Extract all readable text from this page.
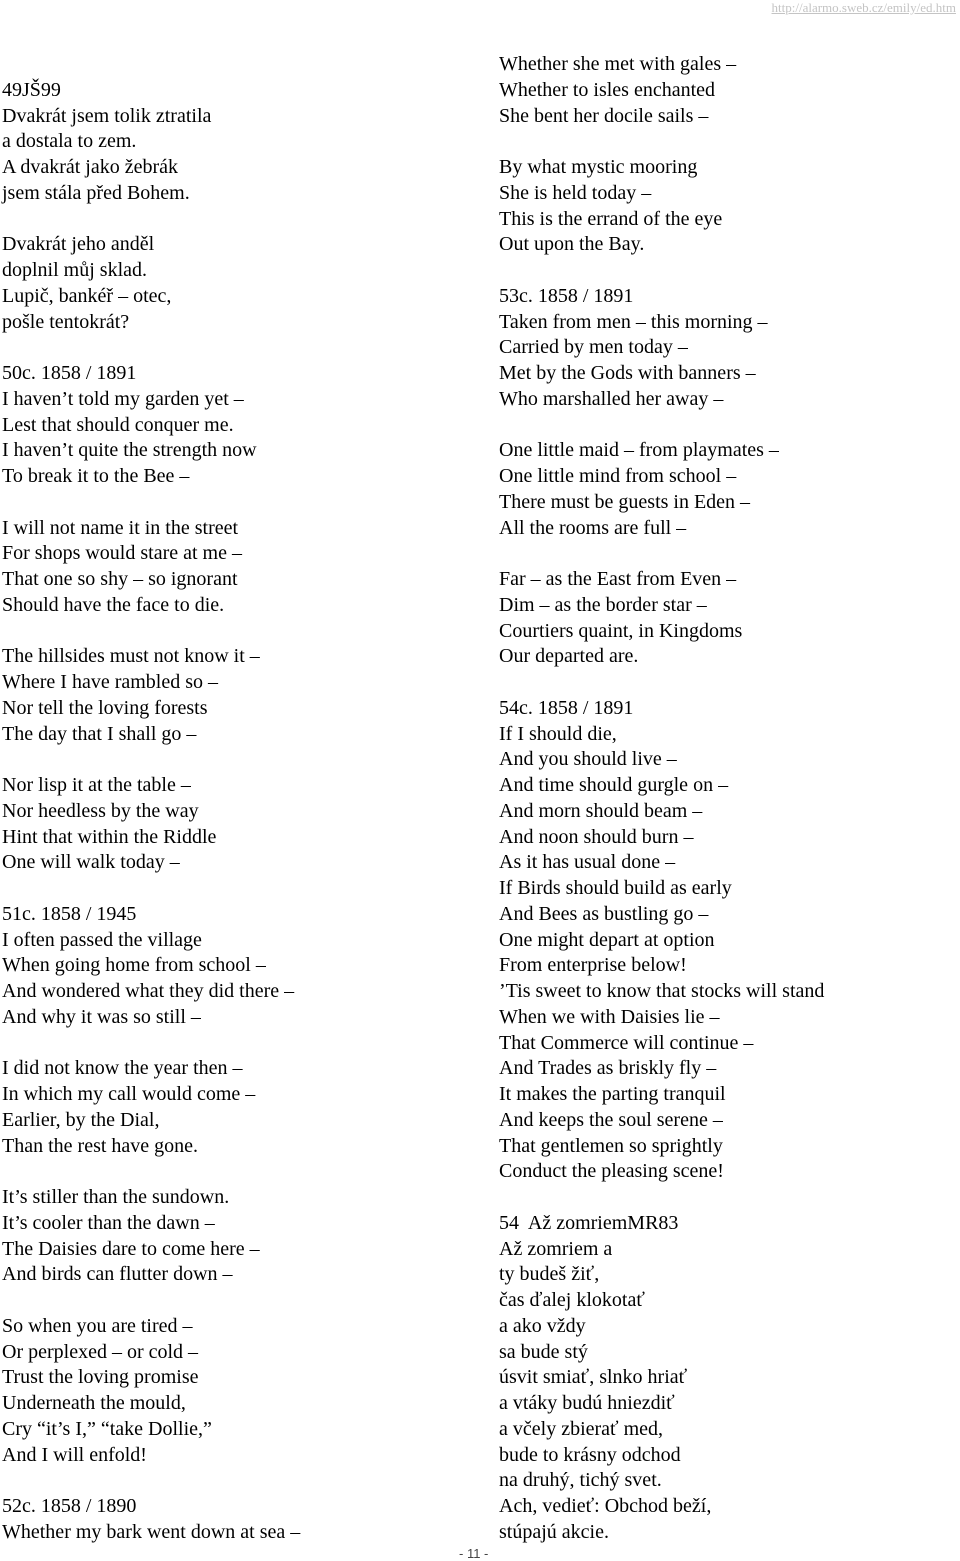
http://alarmo.sweb.cz/emily/ed.htm
49JŠ99
Dvakrát jsem tolik ztratila
a dostala to zem.
A dvakrát jako žebrák
jsem stála před Bohem.
Dvakrát jeho anděl
doplnil můj sklad.
Lupič, bankéř – otec,
pošle tentokrát?
50c. 1858 / 1891
I haven’t told my garden yet –
Lest that should conquer me.
I haven’t quite the strength now
To break it to the Bee –
I will not name it in the street
For shops would stare at me –
That one so shy – so ignorant
Should have the face to die.
The hillsides must not know it –
Where I have rambled so –
Nor tell the loving forests
The day that I shall go –
Nor lisp it at the table –
Nor heedless by the way
Hint that within the Riddle
One will walk today –
51c. 1858 / 1945
I often passed the village
When going home from school –
And wondered what they did there –
And why it was so still –
I did not know the year then –
In which my call would come –
Earlier, by the Dial,
Than the rest have gone.
It’s stiller than the sundown.
It’s cooler than the dawn –
The Daisies dare to come here –
And birds can flutter down –
So when you are tired –
Or perplexed – or cold –
Trust the loving promise
Underneath the mould,
Cry “it’s I,” “take Dollie,”
And I will enfold!
52c. 1858 / 1890
Whether my bark went down at sea –
Whether she met with gales –
Whether to isles enchanted
She bent her docile sails –
By what mystic mooring
She is held today –
This is the errand of the eye
Out upon the Bay.
53c. 1858 / 1891
Taken from men – this morning –
Carried by men today –
Met by the Gods with banners –
Who marshalled her away –
One little maid – from playmates –
One little mind from school –
There must be guests in Eden –
All the rooms are full –
Far – as the East from Even –
Dim – as the border star –
Courtiers quaint, in Kingdoms
Our departed are.
54c. 1858 / 1891
If I should die,
And you should live –
And time should gurgle on –
And morn should beam –
And noon should burn –
As it has usual done –
If Birds should build as early
And Bees as bustling go –
One might depart at option
From enterprise below!
’Tis sweet to know that stocks will stand
When we with Daisies lie –
That Commerce will continue –
And Trades as briskly fly –
It makes the parting tranquil
And keeps the soul serene –
That gentlemen so sprightly
Conduct the pleasing scene!
54  Až zomriemMR83
Až zomriem a
ty budeš žiť,
čas ďalej klokotať
a ako vždy
sa bude stý
úsvit smiať, slnko hriať
a vtáky budú hniezdiť
a včely zbierať med,
bude to krásny odchod
na druhý, tichý svet.
Ach, vedieť: Obchod beží,
stúpajú akcie.
- 11 -
